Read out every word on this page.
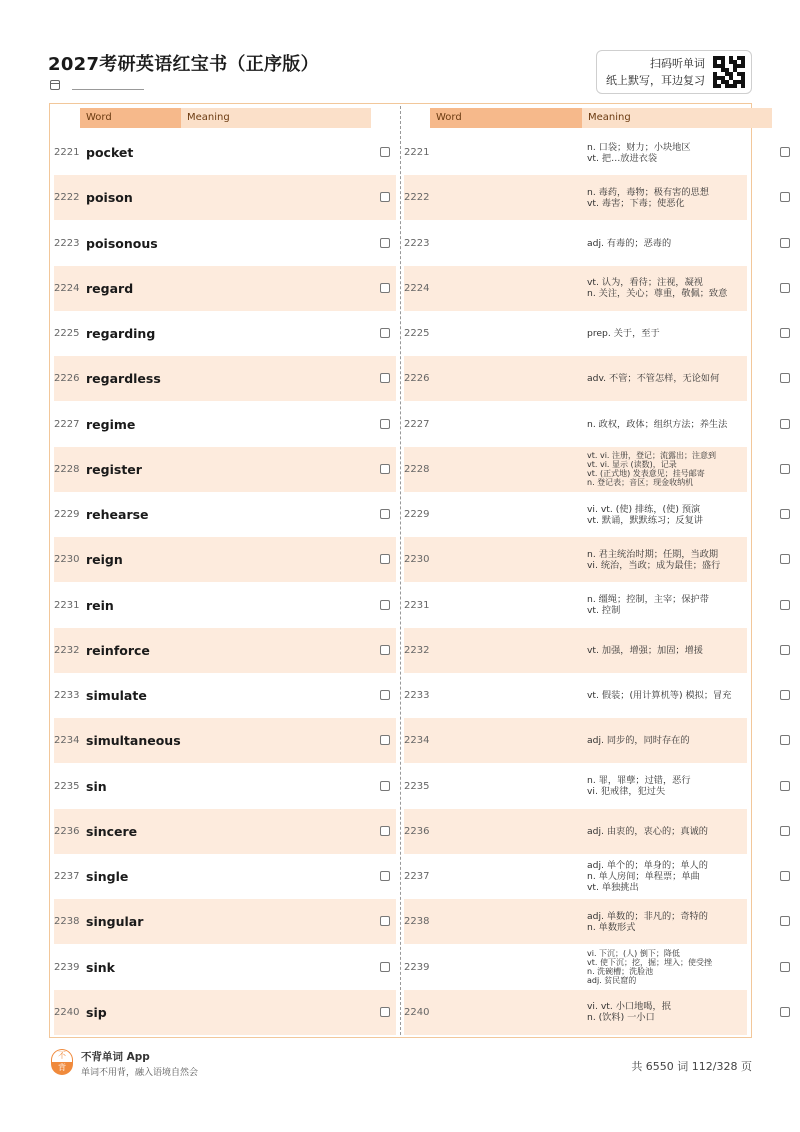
2027考研英语红宝书（正序版）	扫码听单词
纸上默写，耳边复习
Word	Meaning
2221 pocket
2222 poison
2223 poisonous
2224 regard
2225 regarding
2226 regardless
2227 regime
2228 register
2229 rehearse
2230 reign
2231 rein
2232 reinforce
2233 simulate
2234 simultaneous
2235 sin
2236 sincere
2237 single
2238 singular
2239 sink
2240 sip
Word	Meaning
2221	n. 口袋；财力；小块地区
vt. 把…放进衣袋
2222	n. 毒药，毒物；极有害的思想
vt. 毒害；下毒；使恶化
2223	adj. 有毒的；恶毒的
2224	vt. 认为，看待；注视，凝视
n. 关注，关心；尊重，敬佩；致意
2225	prep. 关于，至于
2226	adv. 不管；不管怎样，无论如何
2227	n. 政权，政体；组织方法；养生法
2228
vt. vi. 注册，登记；流露出；注意到
vt. vi. 显示 (读数)，记录
vt. (正式地) 发表意见；挂号邮寄
n. 登记表；音区；现金收纳机
2229	vi. vt. (使) 排练，(使) 预演
vt. 默诵，默默练习；反复讲
2230	n. 君主统治时期；任期，当政期
vi. 统治，当政；成为最佳；盛行
2231	n. 缰绳；控制，主宰；保护带
vt. 控制
2232	vt. 加强，增强；加固；增援
2233	vt. 假装；(用计算机等) 模拟；冒充
2234	adj. 同步的，同时存在的
2235	n. 罪，罪孽；过错，恶行
vi. 犯戒律，犯过失
2236	adj. 由衷的，衷心的；真诚的
2237
adj. 单个的；单身的；单人的
n. 单人房间；单程票；单曲
vt. 单独挑出
2238	adj. 单数的；非凡的；奇特的
n. 单数形式
2239
vi. 下沉；(人) 倒下；降低
vt. 使下沉；挖，掘；埋入；使受挫
n. 洗碗槽；洗脸池
adj. 贫民窟的
2240	vi. vt. 小口地喝，抿
n. (饮料) 一小口
不
背
不背单词 App
单词不用背，融入语境自然会	共 6550 词 112/328 页
